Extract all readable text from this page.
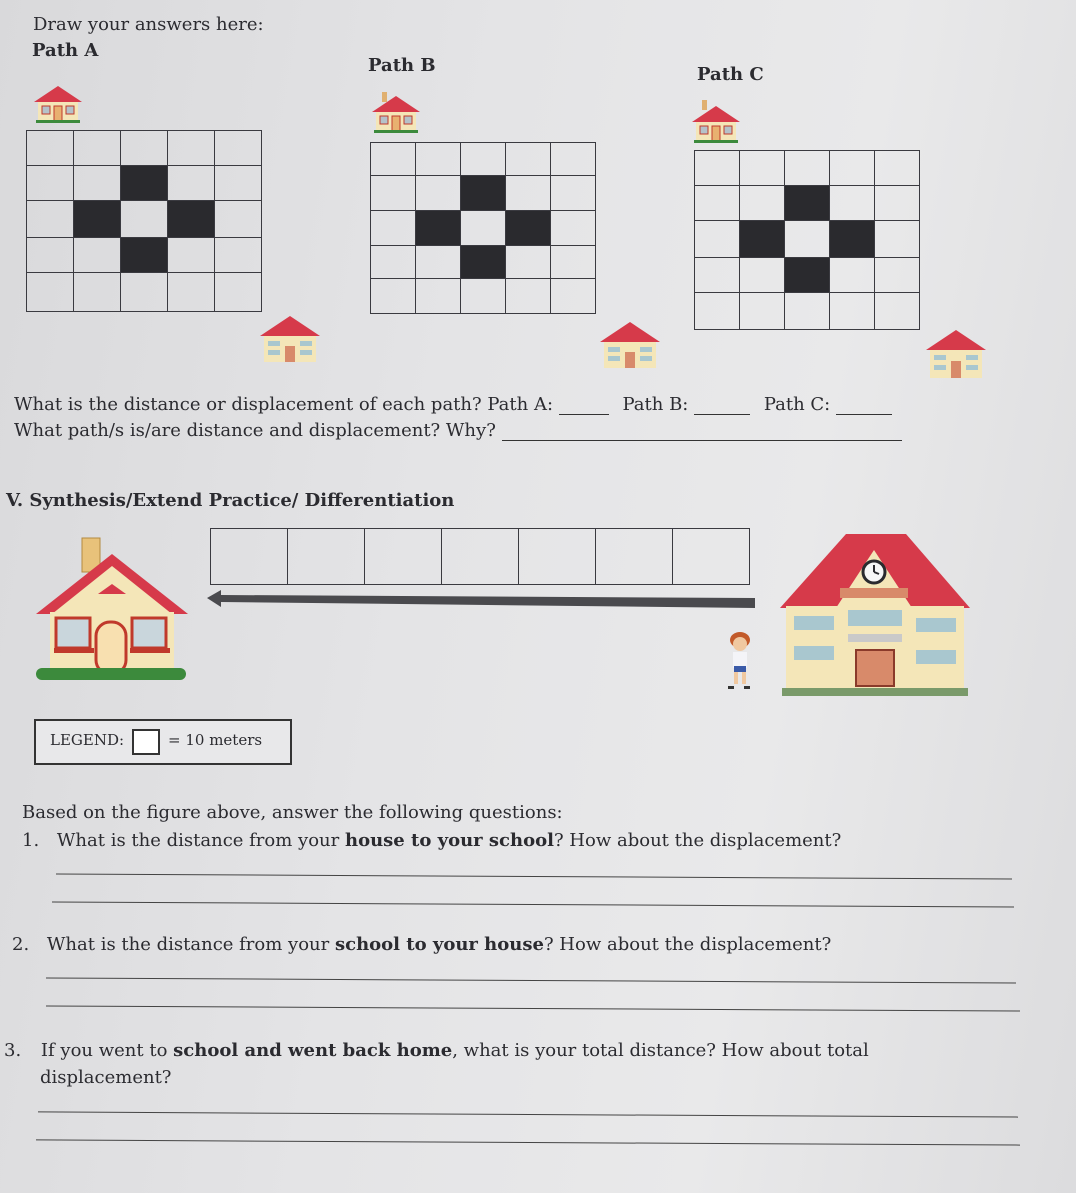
Draw your answers here:
Path A
Path B	Path C

What is the distance or displacement of each path? Path A:	Path B:	Path C:
What path/s is/are distance and displacement? Why?
V. Synthesis/Extend Practice/ Differentiation

LEGEND:	= 10 meters
Based on the figure above, answer the following questions:
1. What is the distance from your house to your school? How about the displacement?
2. What is the distance from your school to your house? How about the displacement?
3. If you went to school and went back home, what is your total distance? How about total
displacement?
